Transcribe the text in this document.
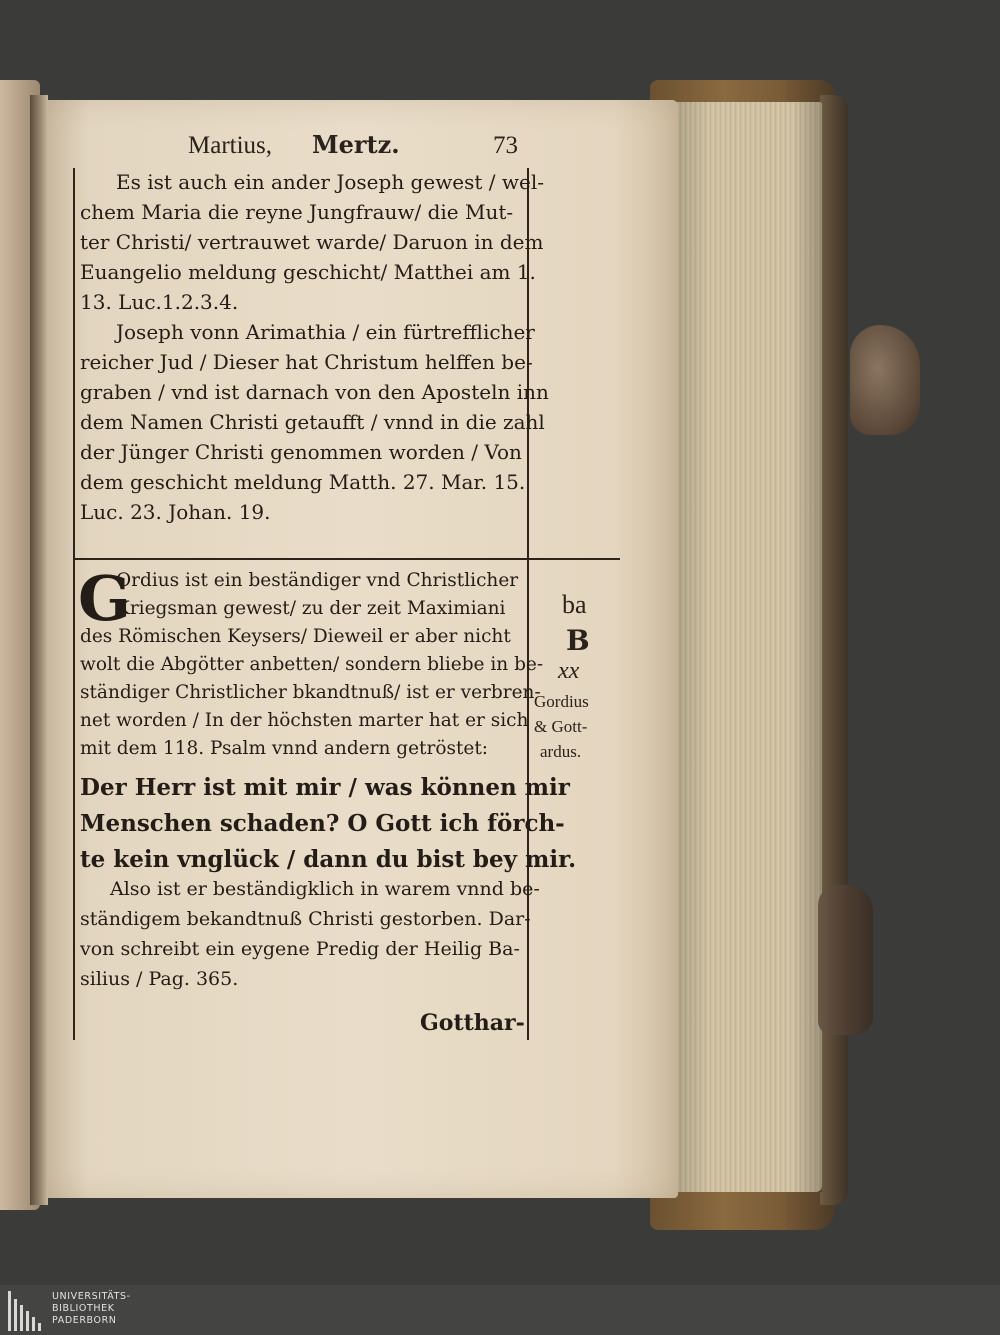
Martius, Mertz.	73
Es ist auch ein ander Joseph gewest / wel-
chem Maria die reyne Jungfrauw/ die Mut-
ter Christi/ vertrauwet warde/ Daruon in dem
Euangelio meldung geschicht/ Matthei am 1.
13. Luc.1.2.3.4.
Joseph vonn Arimathia / ein fürtrefflicher
reicher Jud / Dieser hat Christum helffen be-
graben / vnd ist darnach von den Aposteln inn
dem Namen Christi getaufft / vnnd in die zahl
der Jünger Christi genommen worden / Von
dem geschicht meldung Matth. 27. Mar. 15.
Luc. 23. Johan. 19.
G
Ordius ist ein beständiger vnd Christlicher
Kriegsman gewest/ zu der zeit Maximiani
des Römischen Keysers/ Dieweil er aber nicht
wolt die Abgötter anbetten/ sondern bliebe in be-
ständiger Christlicher bkandtnuß/ ist er verbren-
net worden / In der höchsten marter hat er sich
mit dem 118. Psalm vnnd andern getröstet:
Der Herr ist mit mir / was können mir
Menschen schaden? O Gott ich förch-
te kein vnglück / dann du bist bey mir.
Also ist er beständigklich in warem vnnd be-
ständigem bekandtnuß Christi gestorben. Dar-
von schreibt ein eygene Predig der Heilig Ba-
silius / Pag. 365.
Gotthar-
ba
B
xx
Gordius
& Gott-
ardus.
UNIVERSITÄTS-
BIBLIOTHEK
PADERBORN
